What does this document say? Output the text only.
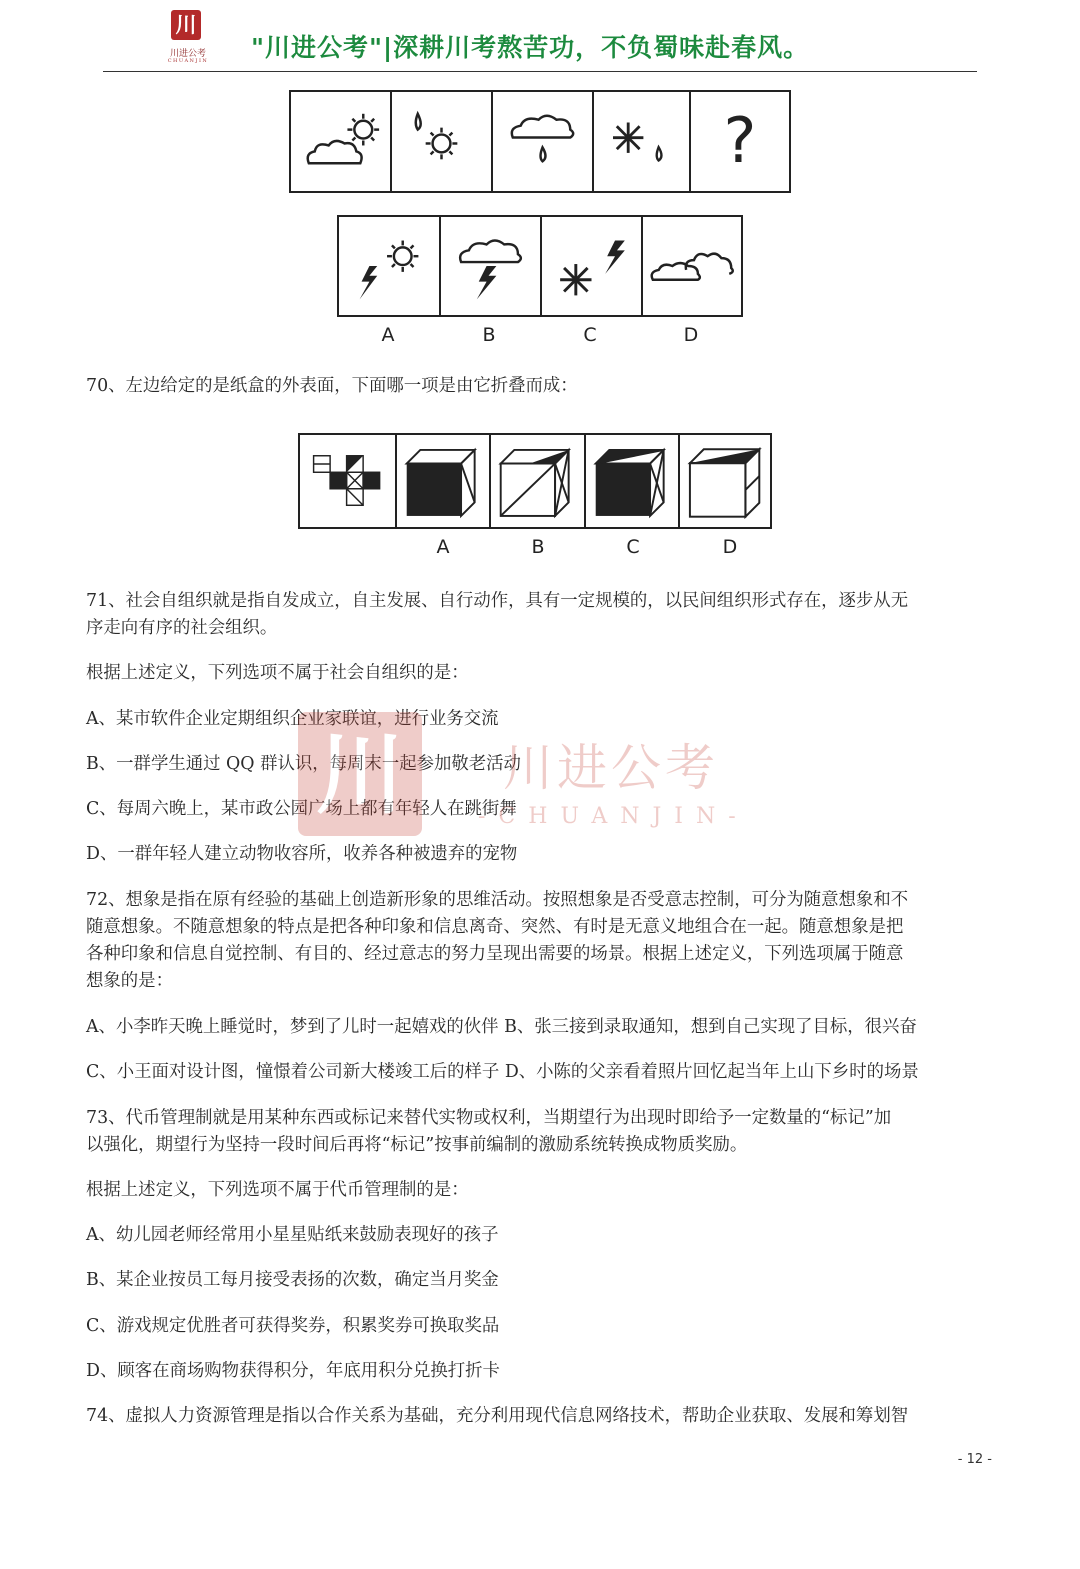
川
川进公考
CHUANJIN "川进公考"|深耕川考熬苦功，不负蜀味赴春风。
?
A	B	C	D
70、左边给定的是纸盒的外表面，下面哪一项是由它折叠而成：
A	B	C	D
71、社会自组织就是指自发成立，自主发展、自行动作，具有一定规模的，以民间组织形式存在，逐步从无
序走向有序的社会组织。
根据上述定义，下列选项不属于社会自组织的是：
A、某市软件企业定期组织企业家联谊，进行业务交流
B、一群学生通过 QQ 群认识，每周末一起参加敬老活动
C、每周六晚上，某市政公园广场上都有年轻人在跳街舞
D、一群年轻人建立动物收容所，收养各种被遗弃的宠物
72、想象是指在原有经验的基础上创造新形象的思维活动。按照想象是否受意志控制，可分为随意想象和不
随意想象。不随意想象的特点是把各种印象和信息离奇、突然、有时是无意义地组合在一起。随意想象是把
各种印象和信息自觉控制、有目的、经过意志的努力呈现出需要的场景。根据上述定义，下列选项属于随意
想象的是：
A、小李昨天晚上睡觉时，梦到了儿时一起嬉戏的伙伴 B、张三接到录取通知，想到自己实现了目标，很兴奋
C、小王面对设计图，憧憬着公司新大楼竣工后的样子 D、小陈的父亲看着照片回忆起当年上山下乡时的场景
73、代币管理制就是用某种东西或标记来替代实物或权利，当期望行为出现时即给予一定数量的“标记”加
以强化，期望行为坚持一段时间后再将“标记”按事前编制的激励系统转换成物质奖励。
根据上述定义，下列选项不属于代币管理制的是：
A、幼儿园老师经常用小星星贴纸来鼓励表现好的孩子
B、某企业按员工每月接受表扬的次数，确定当月奖金
C、游戏规定优胜者可获得奖券，积累奖券可换取奖品
D、顾客在商场购物获得积分，年底用积分兑换打折卡
74、虚拟人力资源管理是指以合作关系为基础，充分利用现代信息网络技术，帮助企业获取、发展和筹划智
- 12 -
川	川进公考
-CHUANJIN-
